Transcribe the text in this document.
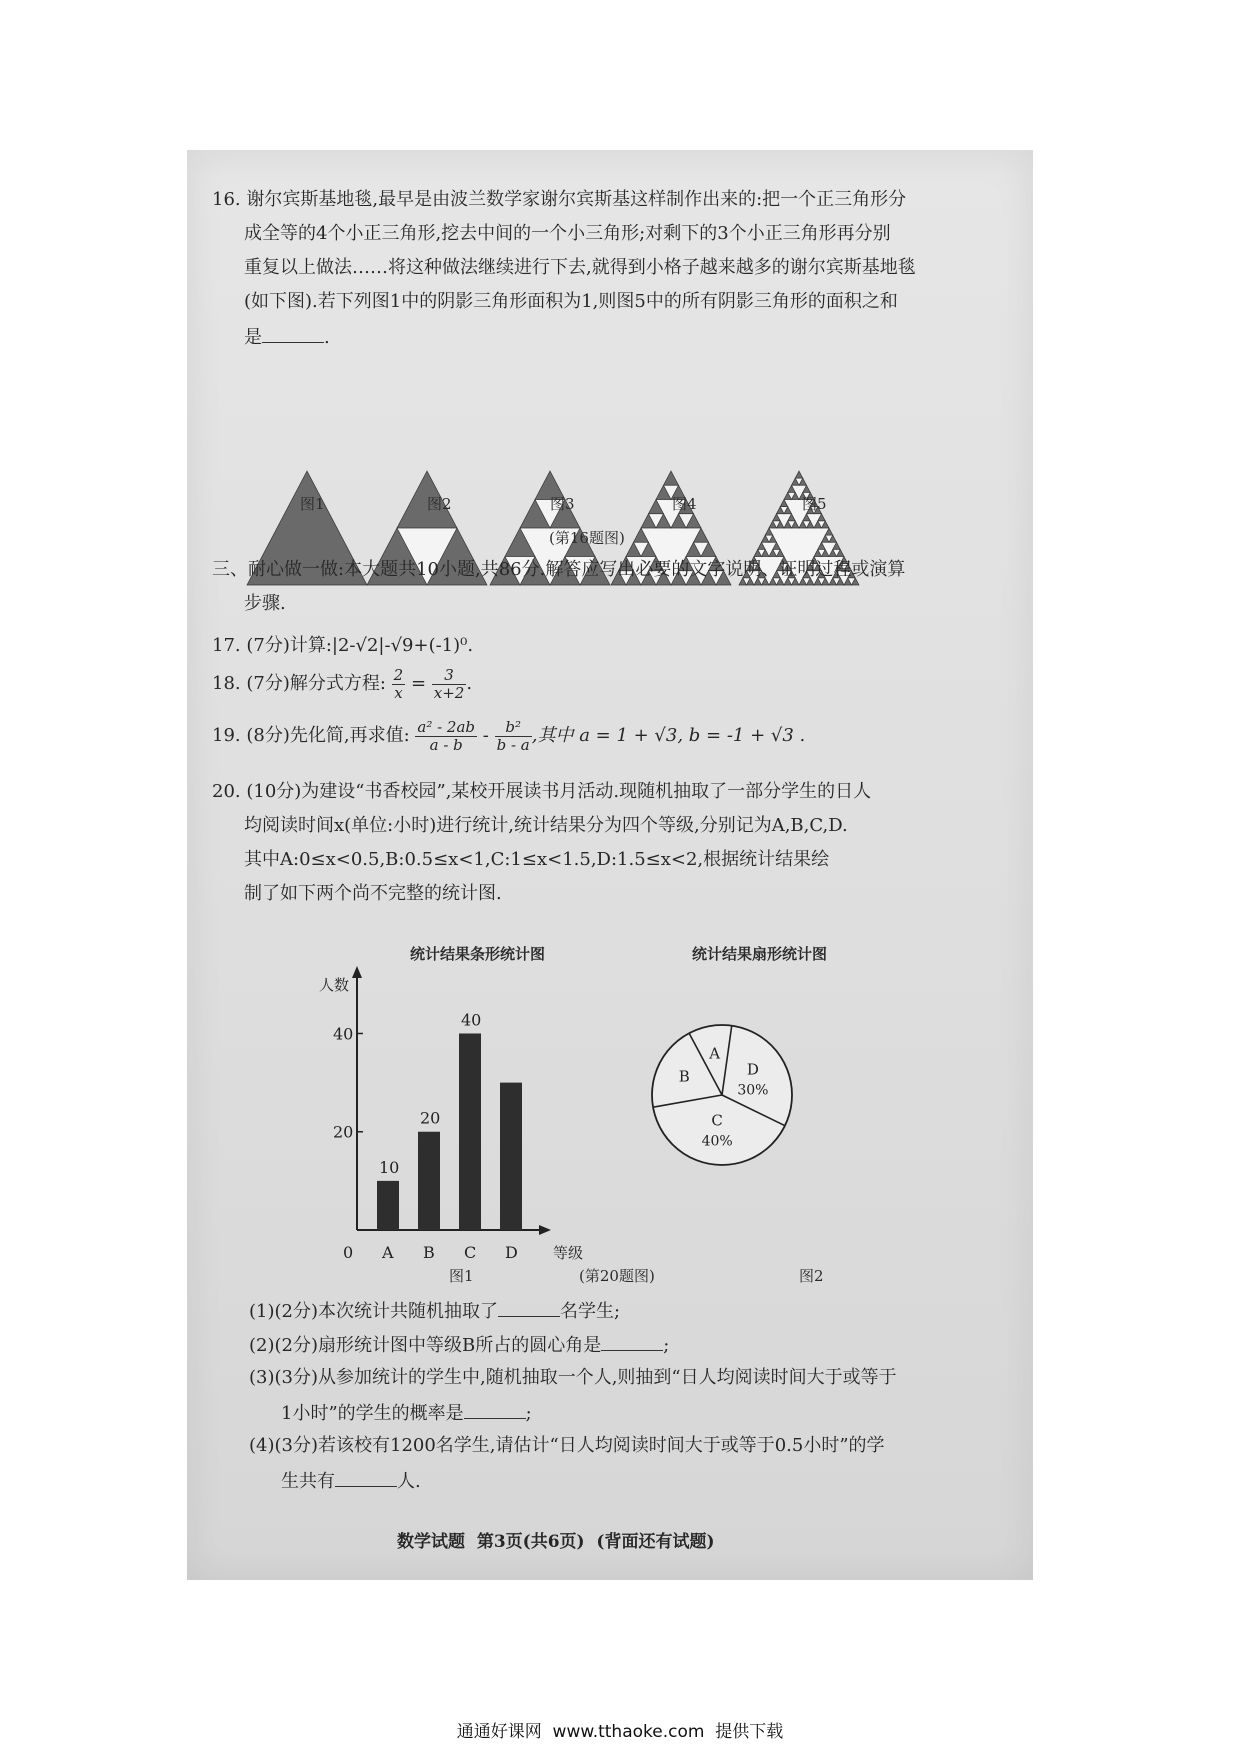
16. 谢尔宾斯基地毯,最早是由波兰数学家谢尔宾斯基这样制作出来的:把一个正三角形分
成全等的4个小正三角形,挖去中间的一个小三角形;对剩下的3个小正三角形再分别
重复以上做法……将这种做法继续进行下去,就得到小格子越来越多的谢尔宾斯基地毯
(如下图).若下列图1中的阴影三角形面积为1,则图5中的所有阴影三角形的面积之和
是	.
图1	图2	图3	图4	图5
(第16题图)
三、耐心做一做:本大题共10小题,共86分.解答应写出必要的文字说明、证明过程或演算
步骤.
17. (7分)计算:|2-√2|-√9+(-1)⁰.
18. (7分)解分式方程: $\frac{2}{x} = \frac{3}{x+2}$ .
19. (8分)先化简,再求值: $\frac{\text{a² - 2ab}}{a - b} - \frac{\text{b²}}{b - a}$ ,其中 a = 1 + √3, b = -1 + √3 .
20. (10分)为建设“书香校园”,某校开展读书月活动.现随机抽取了一部分学生的日人
均阅读时间x(单位:小时)进行统计,统计结果分为四个等级,分别记为A,B,C,D.
其中A:0≤x<0.5,B:0.5≤x<1,C:1≤x<1.5,D:1.5≤x<2,根据统计结果绘
制了如下两个尚不完整的统计图.
统计结果条形统计图
人数
等级
0
20
40
A
10
B
20
C
40
D
统计结果扇形统计图
D
30%
C
40%
B
A
图1	(第20题图)	图2
(1)(2分)本次统计共随机抽取了	名学生;
(2)(2分)扇形统计图中等级B所占的圆心角是	;
(3)(3分)从参加统计的学生中,随机抽取一个人,则抽到“日人均阅读时间大于或等于
1小时”的学生的概率是	;
(4)(3分)若该校有1200名学生,请估计“日人均阅读时间大于或等于0.5小时”的学
生共有	人.
数学试题  第3页(共6页)  (背面还有试题)
通通好课网  www.tthaoke.com  提供下载
